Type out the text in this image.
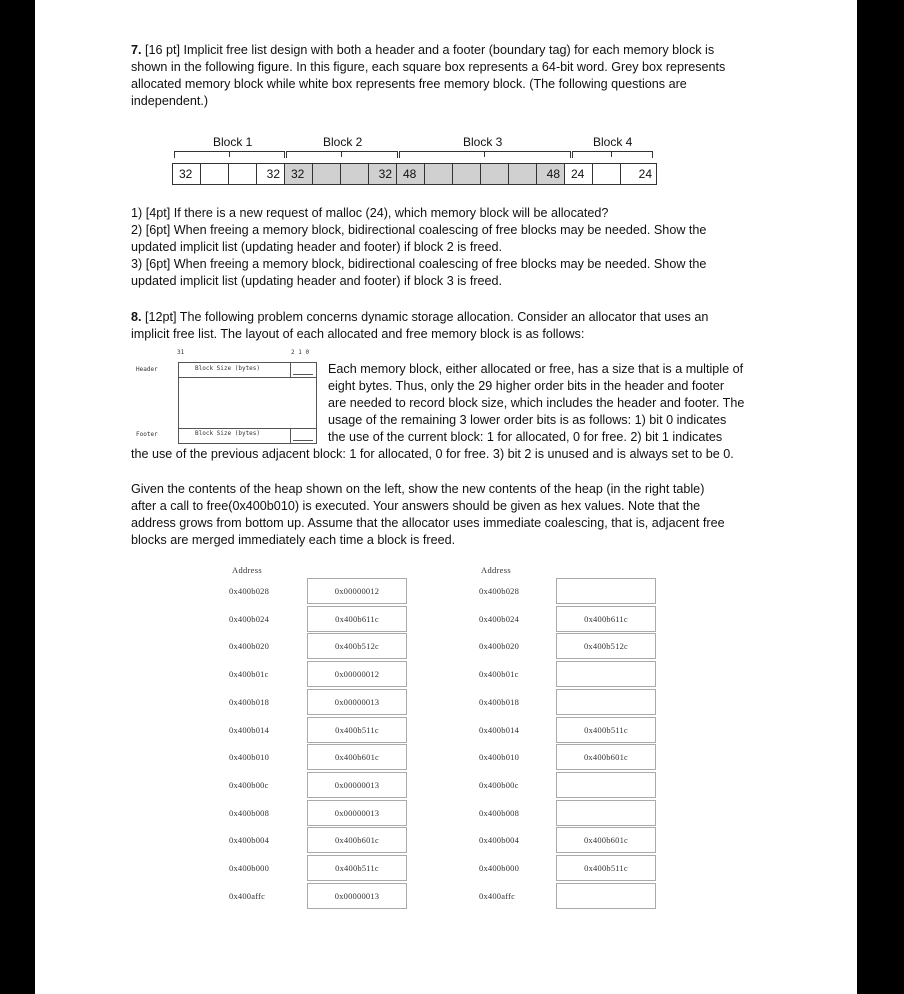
7. [16 pt] Implicit free list design with both a header and a footer (boundary tag) for each memory block is
shown in the following figure. In this figure, each square box represents a 64-bit word. Grey box represents
allocated memory block while white box represents free memory block. (The following questions are
independent.)
Block 1	Block 2	Block 3	Block 4
32	32 32	32 48	48 24	24
1) [4pt] If there is a new request of malloc (24), which memory block will be allocated?
2) [6pt] When freeing a memory block, bidirectional coalescing of free blocks may be needed. Show the
updated implicit list (updating header and footer) if block 2 is freed.
3) [6pt] When freeing a memory block, bidirectional coalescing of free blocks may be needed. Show the
updated implicit list (updating header and footer) if block 3 is freed.
8. [12pt] The following problem concerns dynamic storage allocation. Consider an allocator that uses an
implicit free list. The layout of each allocated and free memory block is as follows:
31	2 1 0
Header
Footer
Block Size (bytes)
Block Size (bytes)
Each memory block, either allocated or free, has a size that is a multiple of
eight bytes. Thus, only the 29 higher order bits in the header and footer
are needed to record block size, which includes the header and footer. The
usage of the remaining 3 lower order bits is as follows: 1) bit 0 indicates
the use of the current block: 1 for allocated, 0 for free. 2) bit 1 indicates
the use of the previous adjacent block: 1 for allocated, 0 for free. 3) bit 2 is unused and is always set to be 0.
Given the contents of the heap shown on the left, show the new contents of the heap (in the right table)
after a call to free(0x400b010) is executed. Your answers should be given as hex values. Note that the
address grows from bottom up. Assume that the allocator uses immediate coalescing, that is, adjacent free
blocks are merged immediately each time a block is freed.
Address	Address
0x400b028	0x00000012
0x400b024	0x400b611c
0x400b020	0x400b512c
0x400b01c	0x00000012
0x400b018	0x00000013
0x400b014	0x400b511c
0x400b010	0x400b601c
0x400b00c	0x00000013
0x400b008	0x00000013
0x400b004	0x400b601c
0x400b000	0x400b511c
0x400affc	0x00000013
0x400b028
0x400b024	0x400b611c
0x400b020	0x400b512c
0x400b01c
0x400b018
0x400b014	0x400b511c
0x400b010	0x400b601c
0x400b00c
0x400b008
0x400b004	0x400b601c
0x400b000	0x400b511c
0x400affc
